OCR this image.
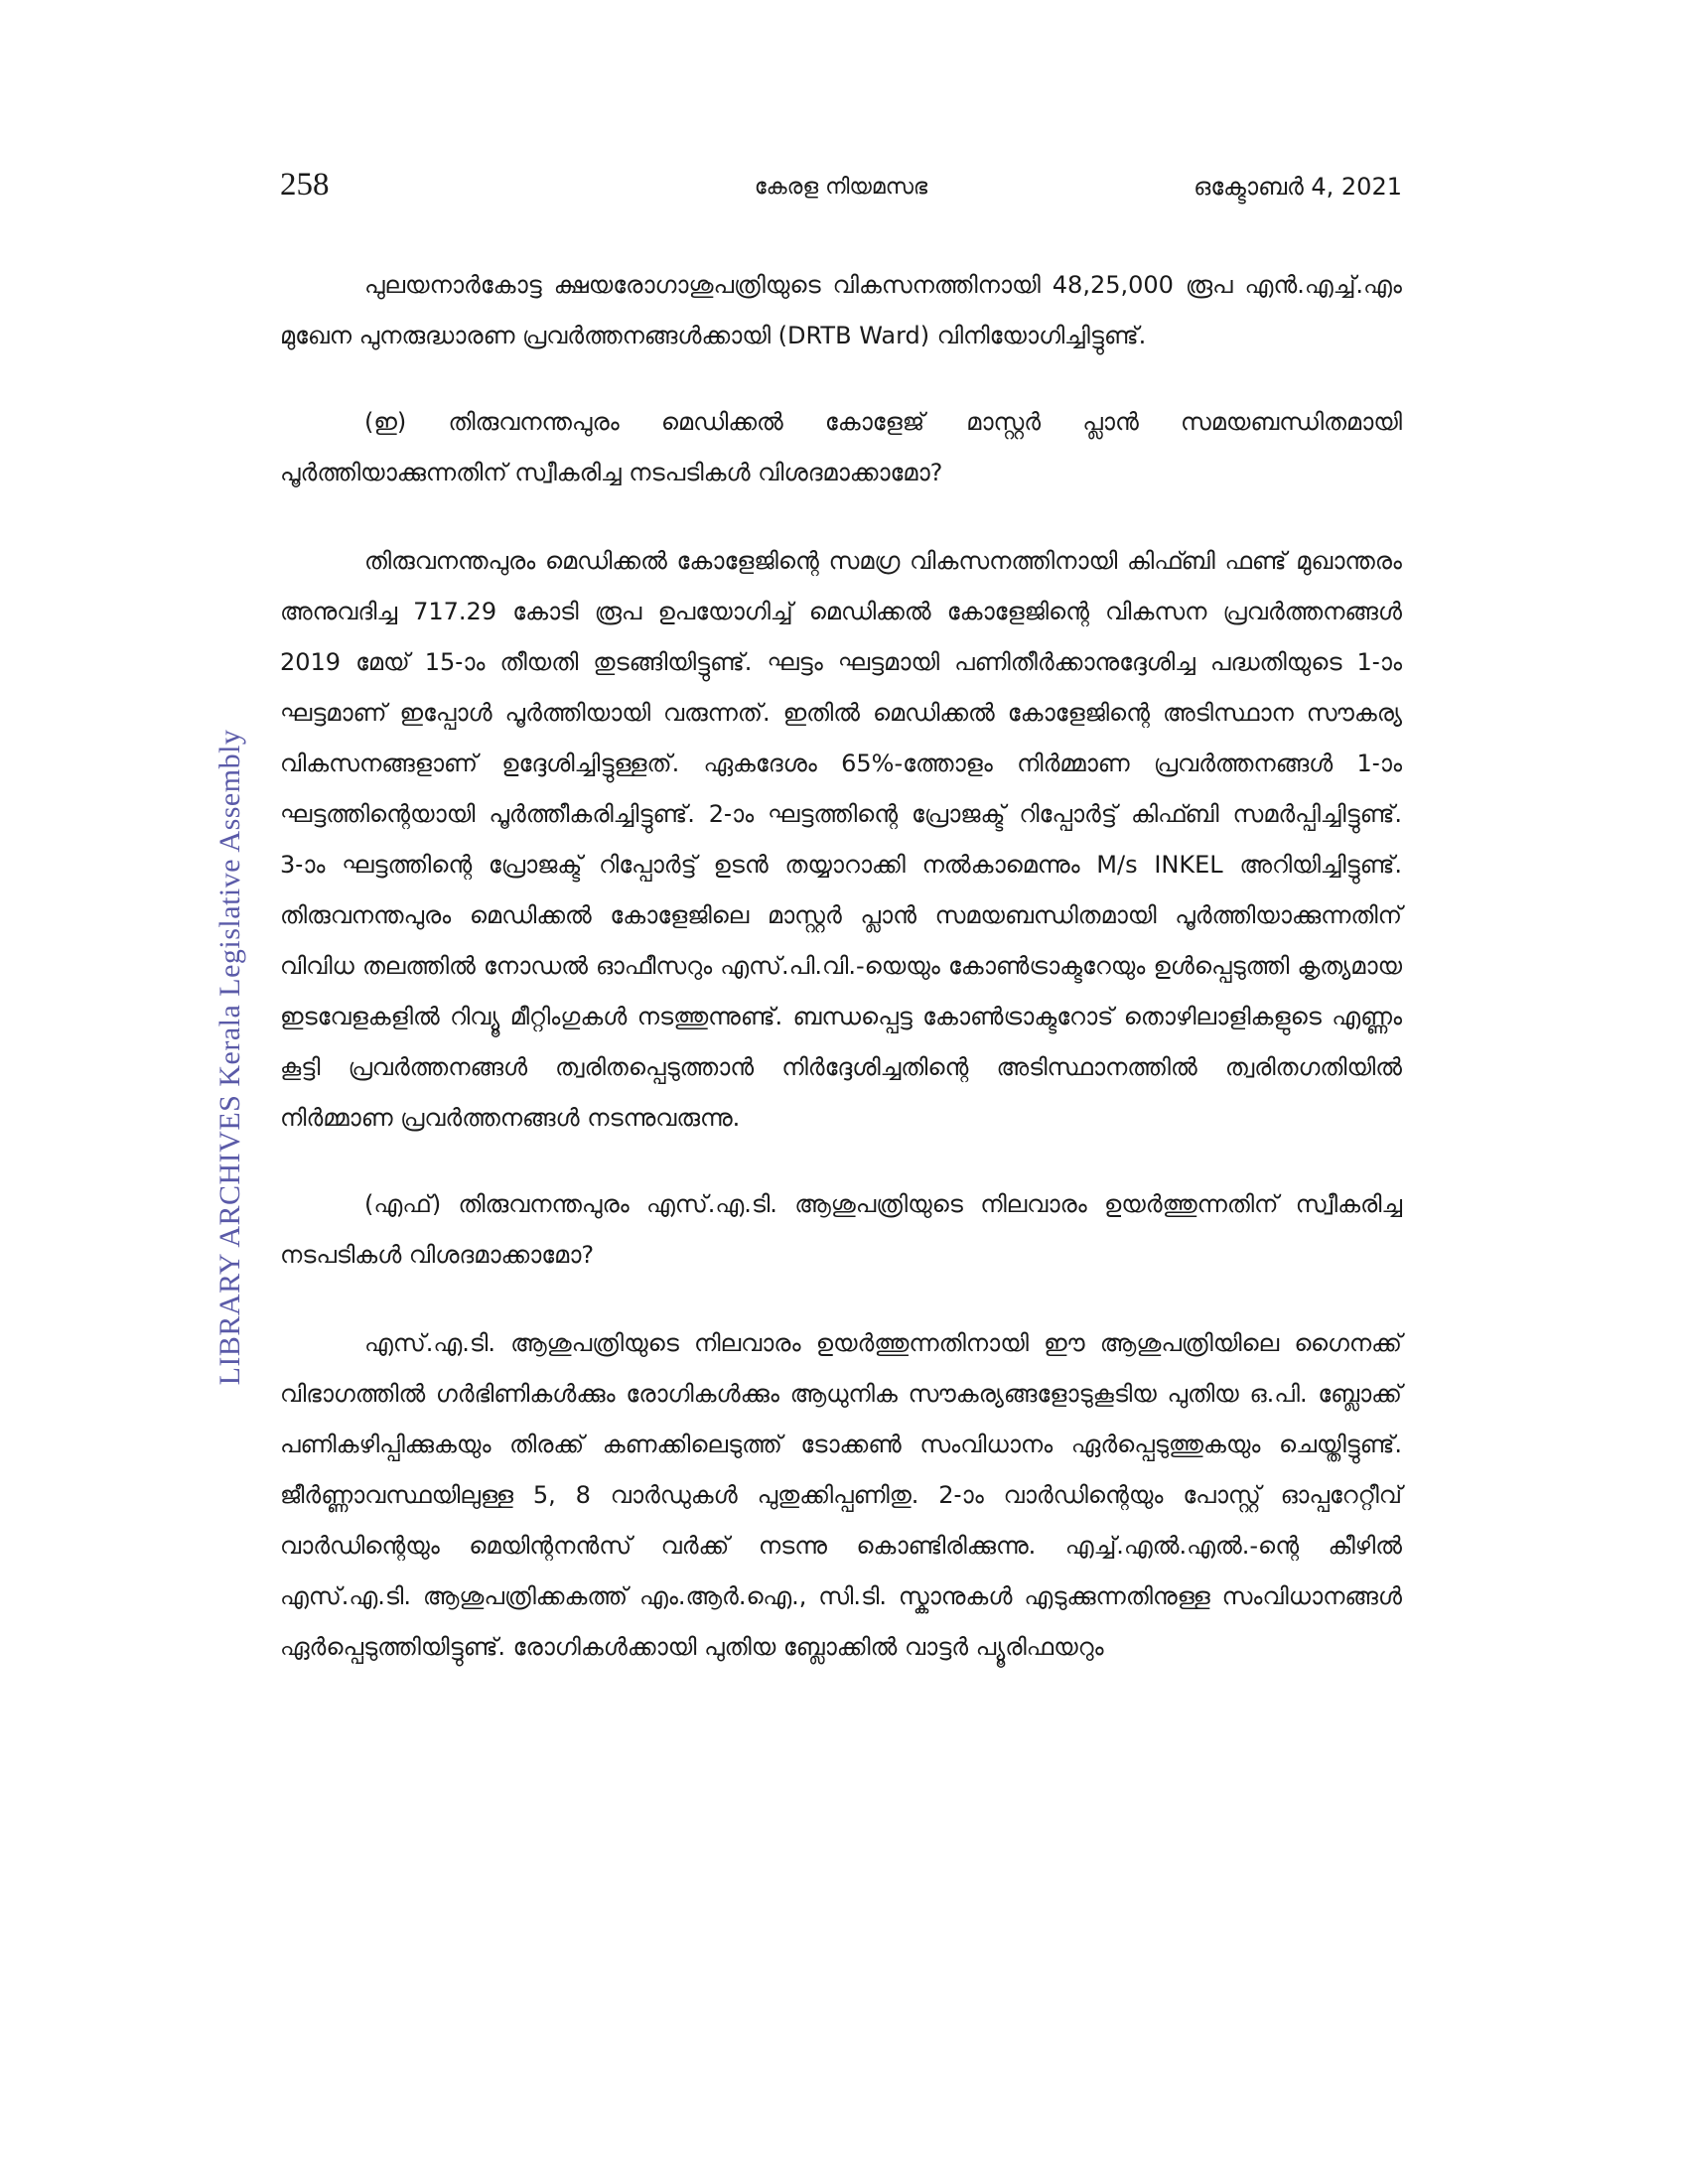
258	കേരള നിയമസഭ	ഒക്ടോബർ 4, 2021
LIBRARY ARCHIVES Kerala Legislative Assembly

പുലയനാർകോട്ട ക്ഷയരോഗാശുപത്രിയുടെ വികസനത്തിനായി 48,25,000 രൂപ എൻ.എച്ച്.എം മുഖേന പുനരുദ്ധാരണ പ്രവർത്തനങ്ങൾക്കായി (DRTB Ward) വിനിയോഗിച്ചിട്ടുണ്ട്.

(ഇ) തിരുവനന്തപുരം മെഡിക്കൽ കോളേജ് മാസ്റ്റർ പ്ലാൻ സമയബന്ധിതമായി പൂർത്തിയാക്കുന്നതിന് സ്വീകരിച്ച നടപടികൾ വിശദമാക്കാമോ?

തിരുവനന്തപുരം മെഡിക്കൽ കോളേജിന്റെ സമഗ്ര വികസനത്തിനായി കിഫ്ബി ഫണ്ട് മുഖാന്തരം അനുവദിച്ച 717.29 കോടി രൂപ ഉപയോഗിച്ച് മെഡിക്കൽ കോളേജിന്റെ വികസന പ്രവർത്തനങ്ങൾ 2019 മേയ് 15-ാം തീയതി തുടങ്ങിയിട്ടുണ്ട്. ഘട്ടം ഘട്ടമായി പണിതീർക്കാനുദ്ദേശിച്ച പദ്ധതിയുടെ 1-ാം ഘട്ടമാണ് ഇപ്പോൾ പൂർത്തിയായി വരുന്നത്. ഇതിൽ മെഡിക്കൽ കോളേജിന്റെ അടിസ്ഥാന സൗകര്യ വികസനങ്ങളാണ് ഉദ്ദേശിച്ചിട്ടുള്ളത്. ഏകദേശം 65%-ത്തോളം നിർമ്മാണ പ്രവർത്തനങ്ങൾ 1-ാം ഘട്ടത്തിന്റെയായി പൂർത്തീകരിച്ചിട്ടുണ്ട്. 2-ാം ഘട്ടത്തിന്റെ പ്രോജക്ട് റിപ്പോർട്ട് കിഫ്ബി സമർപ്പിച്ചിട്ടുണ്ട്. 3-ാം ഘട്ടത്തിന്റെ പ്രോജക്ട് റിപ്പോർട്ട് ഉടൻ തയ്യാറാക്കി നൽകാമെന്നും M/s INKEL അറിയിച്ചിട്ടുണ്ട്. തിരുവനന്തപുരം മെഡിക്കൽ കോളേജിലെ മാസ്റ്റർ പ്ലാൻ സമയബന്ധിതമായി പൂർത്തിയാക്കുന്നതിന് വിവിധ തലത്തിൽ നോഡൽ ഓഫീസറും എസ്.പി.വി.-യെയും കോൺട്രാക്ടറേയും ഉൾപ്പെടുത്തി കൃത്യമായ ഇടവേളകളിൽ റിവ്യൂ മീറ്റിംഗുകൾ നടത്തുന്നുണ്ട്. ബന്ധപ്പെട്ട കോൺട്രാക്ടറോട് തൊഴിലാളികളുടെ എണ്ണം കൂട്ടി പ്രവർത്തനങ്ങൾ ത്വരിതപ്പെടുത്താൻ നിർദ്ദേശിച്ചതിന്റെ അടിസ്ഥാനത്തിൽ ത്വരിതഗതിയിൽ നിർമ്മാണ പ്രവർത്തനങ്ങൾ നടന്നുവരുന്നു.

(എഫ്) തിരുവനന്തപുരം എസ്.എ.ടി. ആശുപത്രിയുടെ നിലവാരം ഉയർത്തുന്നതിന് സ്വീകരിച്ച നടപടികൾ വിശദമാക്കാമോ?

എസ്.എ.ടി. ആശുപത്രിയുടെ നിലവാരം ഉയർത്തുന്നതിനായി ഈ ആശുപത്രിയിലെ ഗൈനക്ക് വിഭാഗത്തിൽ ഗർഭിണികൾക്കും രോഗികൾക്കും ആധുനിക സൗകര്യങ്ങളോടുകൂടിയ പുതിയ ഒ.പി. ബ്ലോക്ക് പണികഴിപ്പിക്കുകയും തിരക്ക് കണക്കിലെടുത്ത് ടോക്കൺ സംവിധാനം ഏർപ്പെടുത്തുകയും ചെയ്തിട്ടുണ്ട്. ജീർണ്ണാവസ്ഥയിലുള്ള 5, 8 വാർഡുകൾ പുതുക്കിപ്പണിതു. 2-ാം വാർഡിന്റെയും പോസ്റ്റ് ഓപ്പറേറ്റീവ് വാർഡിന്റെയും മെയിന്റനൻസ് വർക്ക് നടന്നു കൊണ്ടിരിക്കുന്നു. എച്ച്.എൽ.എൽ.-ന്റെ കീഴിൽ എസ്.എ.ടി. ആശുപത്രിക്കകത്ത് എം.ആർ.ഐ., സി.ടി. സ്കാനുകൾ എടുക്കുന്നതിനുള്ള സംവിധാനങ്ങൾ ഏർപ്പെടുത്തിയിട്ടുണ്ട്. രോഗികൾക്കായി പുതിയ ബ്ലോക്കിൽ വാട്ടർ പ്യൂരിഫയറും
